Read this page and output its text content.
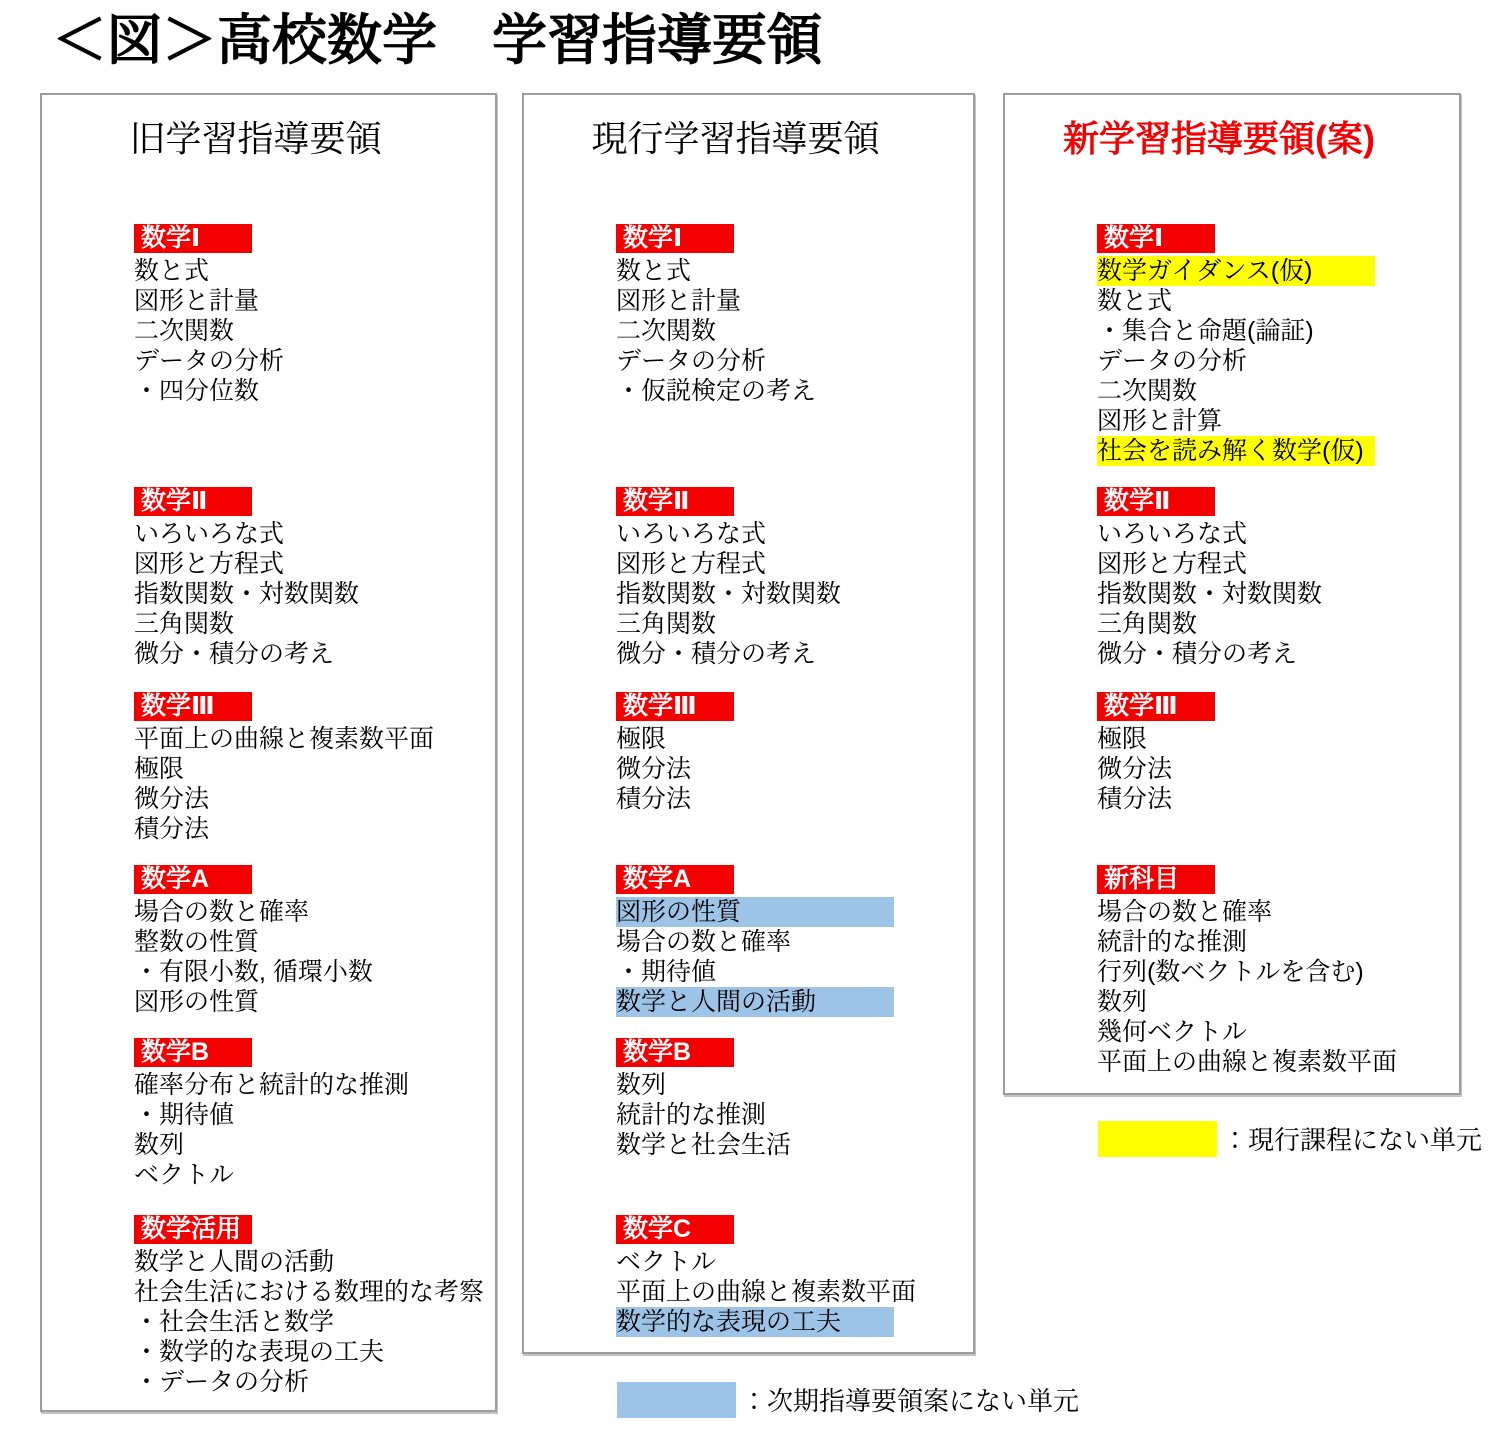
＜図＞高校数学　学習指導要領
旧学習指導要領
数学Ⅰ
数と式
図形と計量
二次関数
データの分析
・四分位数
数学Ⅱ
いろいろな式
図形と方程式
指数関数・対数関数
三角関数
微分・積分の考え
数学Ⅲ
平面上の曲線と複素数平面
極限
微分法
積分法
数学A
場合の数と確率
整数の性質
・有限小数, 循環小数
図形の性質
数学B
確率分布と統計的な推測
・期待値
数列
ベクトル
数学活用
数学と人間の活動
社会生活における数理的な考察
・社会生活と数学
・数学的な表現の工夫
・データの分析
現行学習指導要領
数学Ⅰ
数と式
図形と計量
二次関数
データの分析
・仮説検定の考え
数学Ⅱ
いろいろな式
図形と方程式
指数関数・対数関数
三角関数
微分・積分の考え
数学Ⅲ
極限
微分法
積分法
数学A
図形の性質
場合の数と確率
・期待値
数学と人間の活動
数学B
数列
統計的な推測
数学と社会生活
数学C
ベクトル
平面上の曲線と複素数平面
数学的な表現の工夫
新学習指導要領(案)
数学Ⅰ
数学ガイダンス(仮)
数と式
・集合と命題(論証)
データの分析
二次関数
図形と計算
社会を読み解く数学(仮)
数学Ⅱ
いろいろな式
図形と方程式
指数関数・対数関数
三角関数
微分・積分の考え
数学Ⅲ
極限
微分法
積分法
新科目
場合の数と確率
統計的な推測
行列(数ベクトルを含む)
数列
幾何ベクトル
平面上の曲線と複素数平面
：現行課程にない単元
：次期指導要領案にない単元
